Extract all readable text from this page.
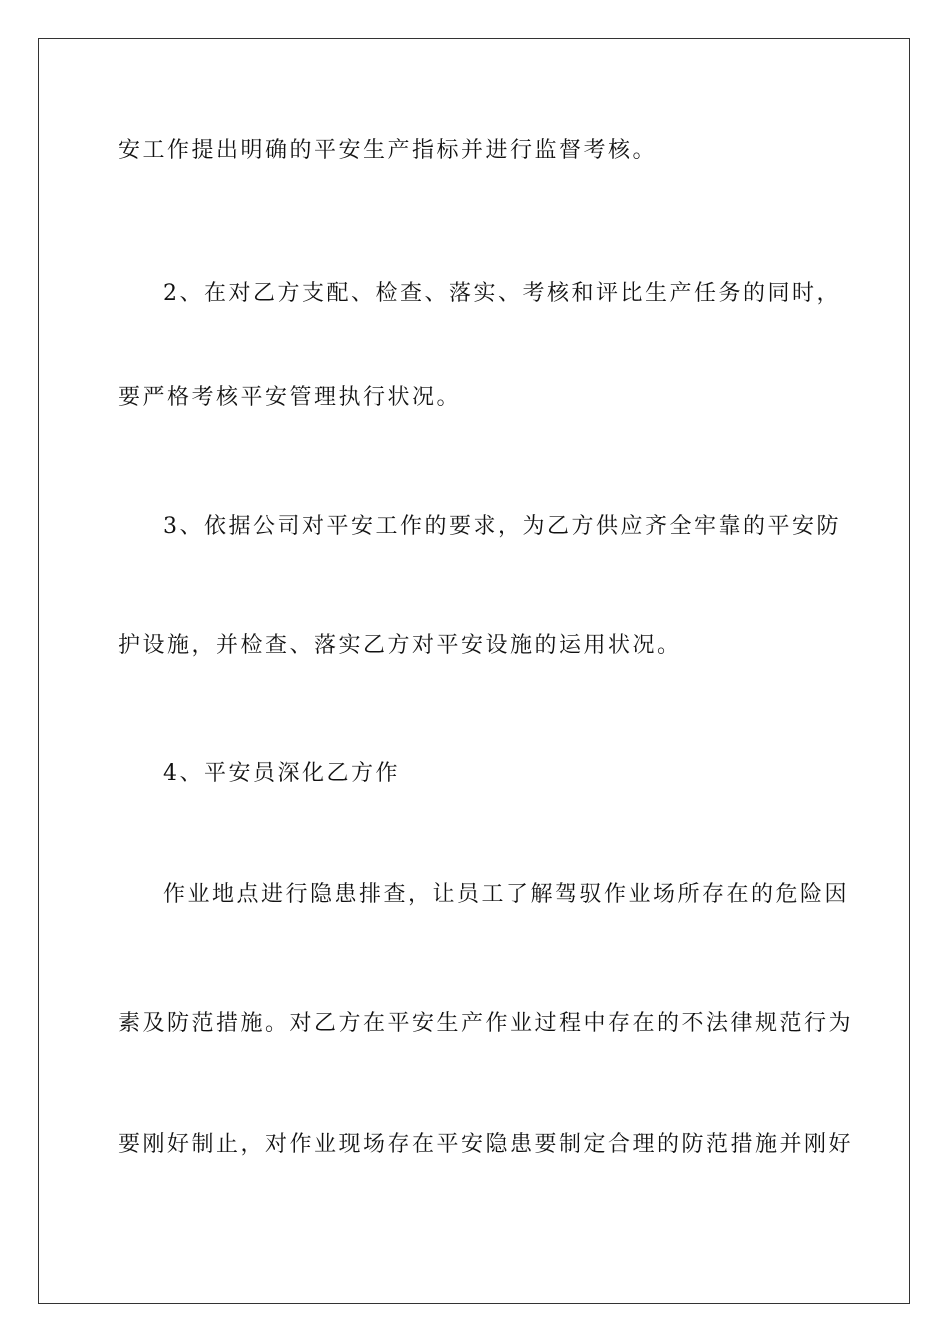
安工作提出明确的平安生产指标并进行监督考核。
2、在对乙方支配、检查、落实、考核和评比生产任务的同时，
要严格考核平安管理执行状况。
3、依据公司对平安工作的要求，为乙方供应齐全牢靠的平安防
护设施，并检查、落实乙方对平安设施的运用状况。
4、平安员深化乙方作
作业地点进行隐患排查，让员工了解驾驭作业场所存在的危险因
素及防范措施。对乙方在平安生产作业过程中存在的不法律规范行为
要刚好制止，对作业现场存在平安隐患要制定合理的防范措施并刚好
